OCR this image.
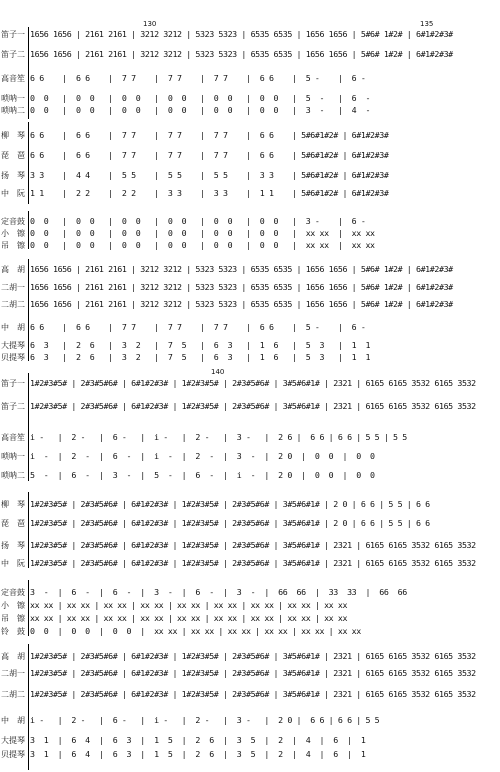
130	135
笛子一 1656 1656 | 2161 2161 | 3212 3212 | 5323 5323 | 6535 6535 | 1656 1656 | 5#6# 1#2# | 6#1#2#3#
笛子二 1656 1656 | 2161 2161 | 3212 3212 | 5323 5323 | 6535 6535 | 1656 1656 | 5#6# 1#2# | 6#1#2#3#
高音笙 6 6    |  6 6    |  7 7    |  7 7    |  7 7    |  6 6    |  5 -    |  6 -
唢呐一 0  0   |  0  0   |  0  0   |  0  0   |  0  0   |  0  0   |  5  -   |  6  -
唢呐二 0  0   |  0  0   |  0  0   |  0  0   |  0  0   |  0  0   |  3  -   |  4  -
柳　琴 6 6    |  6 6    |  7 7    |  7 7    |  7 7    |  6 6    | 5#6#1#2# | 6#1#2#3#
琵　琶 6 6    |  6 6    |  7 7    |  7 7    |  7 7    |  6 6    | 5#6#1#2# | 6#1#2#3#
扬　琴 3 3    |  4 4    |  5 5    |  5 5    |  5 5    |  3 3    | 5#6#1#2# | 6#1#2#3#
中　阮 1 1    |  2 2    |  2 2    |  3 3    |  3 3    |  1 1    | 5#6#1#2# | 6#1#2#3#
定音鼓 0  0   |  0  0   |  0  0   |  0  0   |  0  0   |  0  0   |  3 -    |  6 -
小　镲 0  0   |  0  0   |  0  0   |  0  0   |  0  0   |  0  0   |  xx xx  |  xx xx
吊　镲 0  0   |  0  0   |  0  0   |  0  0   |  0  0   |  0  0   |  xx xx  |  xx xx
高　胡 1656 1656 | 2161 2161 | 3212 3212 | 5323 5323 | 6535 6535 | 1656 1656 | 5#6# 1#2# | 6#1#2#3#
二胡一 1656 1656 | 2161 2161 | 3212 3212 | 5323 5323 | 6535 6535 | 1656 1656 | 5#6# 1#2# | 6#1#2#3#
二胡二 1656 1656 | 2161 2161 | 3212 3212 | 5323 5323 | 6535 6535 | 1656 1656 | 5#6# 1#2# | 6#1#2#3#
中　胡 6 6    |  6 6    |  7 7    |  7 7    |  7 7    |  6 6    |  5 -    |  6 -
大提琴 6  3   |  2  6   |  3  2   |  7  5   |  6  3   |  1  6   |  5  3   |  1  1
贝提琴 6  3   |  2  6   |  3  2   |  7  5   |  6  3   |  1  6   |  5  3   |  1  1
140
笛子一 1#2#3#5# | 2#3#5#6# | 6#1#2#3# | 1#2#3#5# | 2#3#5#6# | 3#5#6#1# | 2321 | 6165 6165 3532 6165 3532
笛子二 1#2#3#5# | 2#3#5#6# | 6#1#2#3# | 1#2#3#5# | 2#3#5#6# | 3#5#6#1# | 2321 | 6165 6165 3532 6165 3532
高音笙 i -   |  2 -   |  6 -   |  i -   |  2 -   |  3 -   |  2 6 |  6 6 | 6 6 | 5 5 | 5 5
唢呐一 i  -  |  2  -  |  6  -  |  i  -  |  2  -  |  3  -  |  2 0  |  0  0  |  0  0
唢呐二 5  -  |  6  -  |  3  -  |  5  -  |  6  -  |  i  -  |  2 0  |  0  0  |  0  0
柳　琴 1#2#3#5# | 2#3#5#6# | 6#1#2#3# | 1#2#3#5# | 2#3#5#6# | 3#5#6#1# | 2 0 | 6 6 | 5 5 | 6 6
琵　琶 1#2#3#5# | 2#3#5#6# | 6#1#2#3# | 1#2#3#5# | 2#3#5#6# | 3#5#6#1# | 2 0 | 6 6 | 5 5 | 6 6
扬　琴 1#2#3#5# | 2#3#5#6# | 6#1#2#3# | 1#2#3#5# | 2#3#5#6# | 3#5#6#1# | 2321 | 6165 6165 3532 6165 3532
中　阮 1#2#3#5# | 2#3#5#6# | 6#1#2#3# | 1#2#3#5# | 2#3#5#6# | 3#5#6#1# | 2321 | 6165 6165 3532 6165 3532
定音鼓 3  -  |  6  -  |  6  -  |  3  -  |  6  -  |  3  -  |  66  66  |  33  33  |  66  66
小　镲 xx xx | xx xx | xx xx | xx xx | xx xx | xx xx | xx xx | xx xx | xx xx
吊　镲 xx xx | xx xx | xx xx | xx xx | xx xx | xx xx | xx xx | xx xx | xx xx
铃　鼓 0  0  |  0  0  |  0  0  |  xx xx | xx xx | xx xx | xx xx | xx xx | xx xx
高　胡 1#2#3#5# | 2#3#5#6# | 6#1#2#3# | 1#2#3#5# | 2#3#5#6# | 3#5#6#1# | 2321 | 6165 6165 3532 6165 3532
二胡一 1#2#3#5# | 2#3#5#6# | 6#1#2#3# | 1#2#3#5# | 2#3#5#6# | 3#5#6#1# | 2321 | 6165 6165 3532 6165 3532
二胡二 1#2#3#5# | 2#3#5#6# | 6#1#2#3# | 1#2#3#5# | 2#3#5#6# | 3#5#6#1# | 2321 | 6165 6165 3532 6165 3532
中　胡 i -   |  2 -   |  6 -   |  i -   |  2 -   |  3 -   |  2 0 |  6 6 | 6 6 | 5 5
大提琴 3  1  |  6  4  |  6  3  |  1  5  |  2  6  |  3  5  |  2  |  4  |  6  |  1
贝提琴 3  1  |  6  4  |  6  3  |  1  5  |  2  6  |  3  5  |  2  |  4  |  6  |  1
